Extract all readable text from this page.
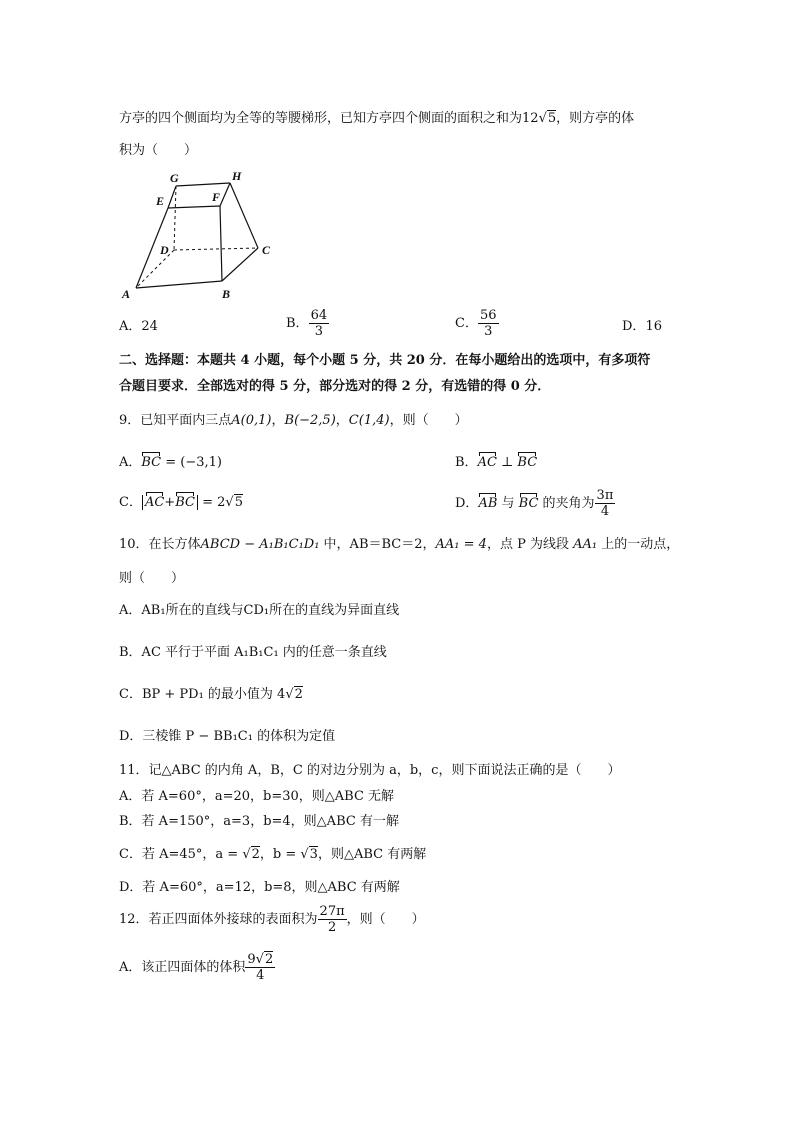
方亭的四个侧面均为全等的等腰梯形，已知方亭四个侧面的面积之和为12√5，则方亭的体
积为（　　）
G	H
E	F
D	C
A	B
A．24	B． $\frac{64}{3}$	C． $\frac{56}{3}$	D．16
二、选择题：本题共 4 小题，每个小题 5 分，共 20 分．在每小题给出的选项中，有多项符
合题目要求．全部选对的得 5 分，部分选对的得 2 分，有选错的得 0 分．
9．已知平面内三点A(0,1)，B(−2,5)，C(1,4)，则（　　）
A．BC = (−3,1)	B．AC ⊥ BC
C． AC+BC = 2√5	D．AB 与 BC 的夹角为 $\frac{3\pi}{4}$
10．在长方体ABCD − A₁B₁C₁D₁ 中，AB＝BC＝2，AA₁ = 4，点 P 为线段 AA₁ 上的一动点，
则（　　）
A．AB₁所在的直线与CD₁所在的直线为异面直线
B．AC 平行于平面 A₁B₁C₁ 内的任意一条直线
C．BP + PD₁ 的最小值为 4√2
D．三棱锥 P − BB₁C₁ 的体积为定值
11．记△ABC 的内角 A，B，C 的对边分别为 a，b，c，则下面说法正确的是（　　）
A．若 A=60°，a=20，b=30，则△ABC 无解
B．若 A=150°，a=3，b=4，则△ABC 有一解
C．若 A=45°，a = √2，b = √3，则△ABC 有两解
D．若 A=60°，a=12，b=8，则△ABC 有两解
12．若正四面体外接球的表面积为 $\frac{27\pi}{2}$ ，则（　　）
A．该正四面体的体积 $\frac{9√2}{4}$
